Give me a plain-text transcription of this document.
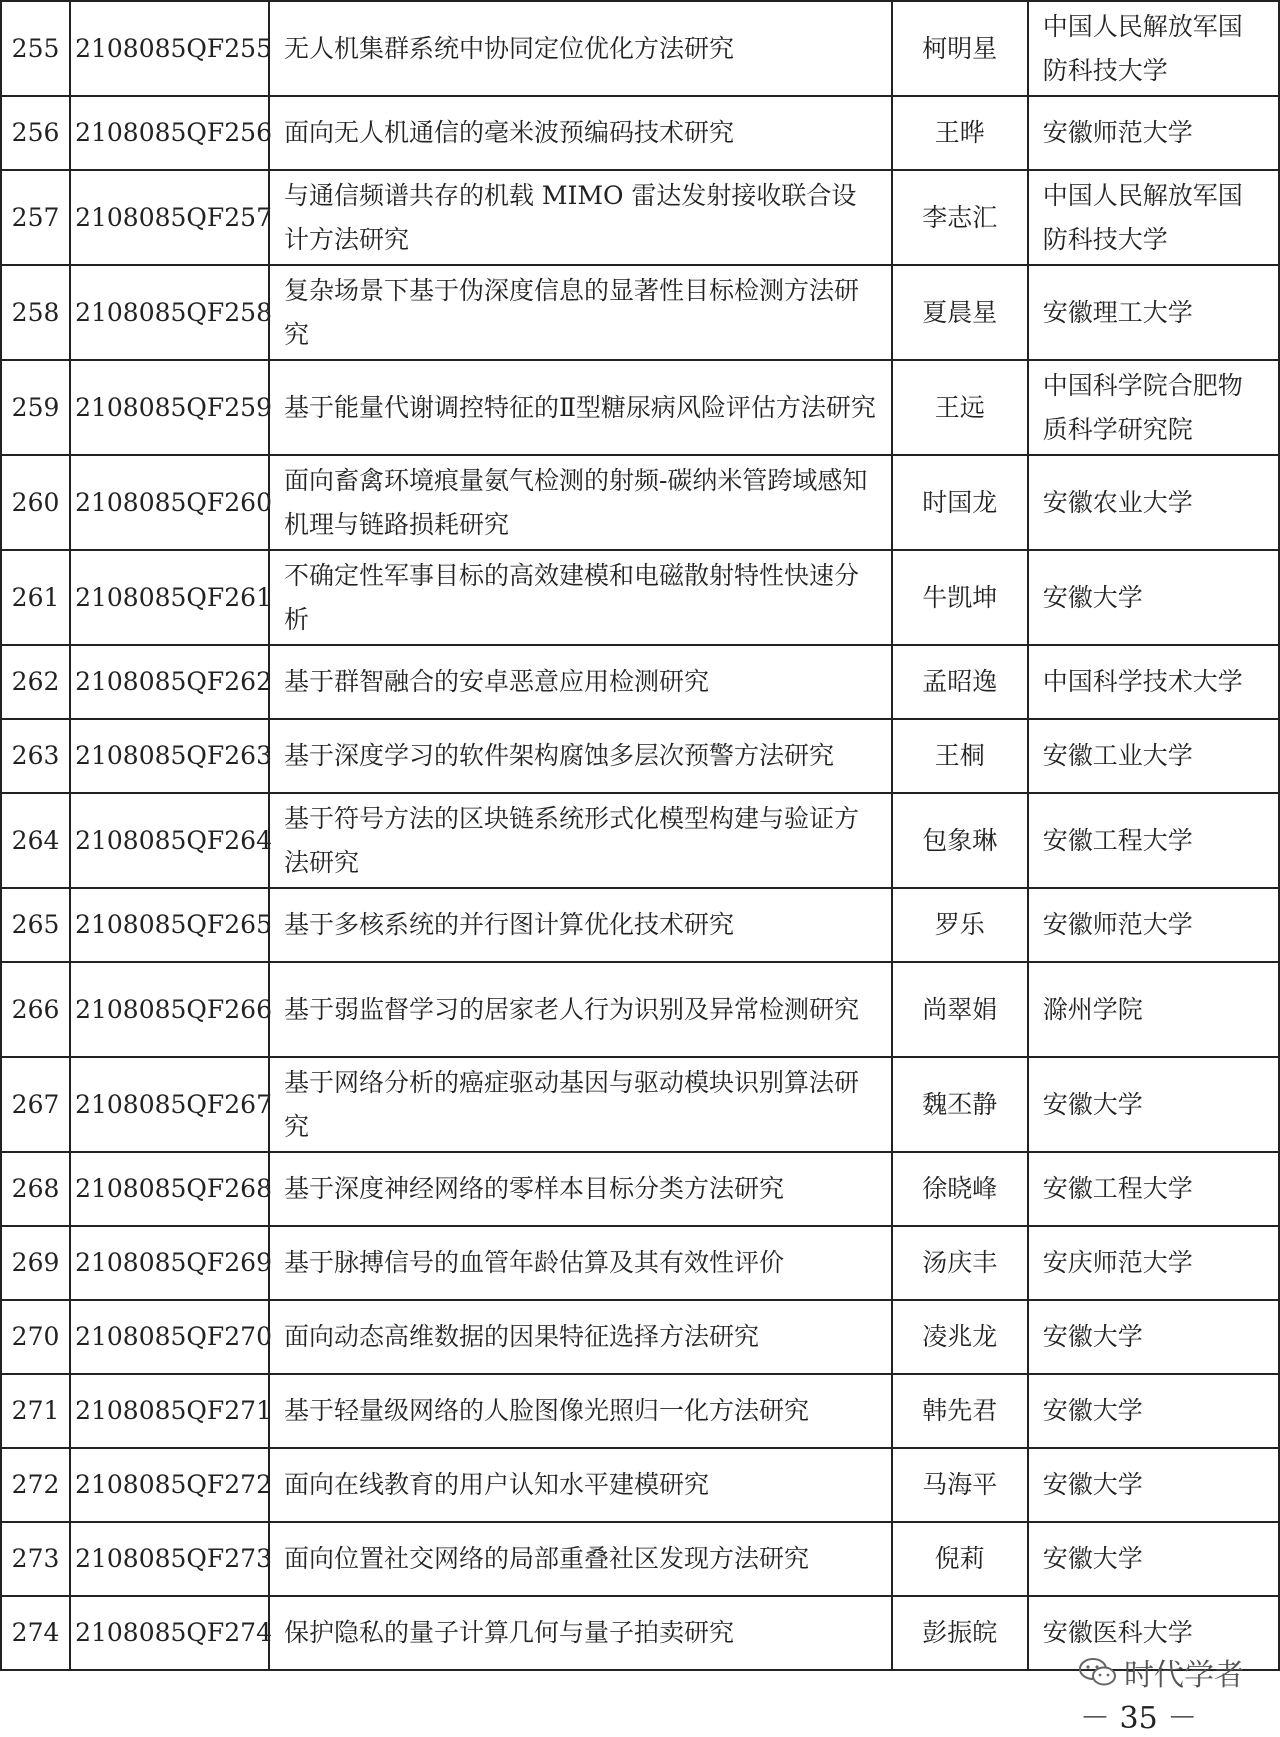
255	2108085QF255	无人机集群系统中协同定位优化方法研究	柯明星	中国人民解放军国防科技大学
256	2108085QF256	面向无人机通信的毫米波预编码技术研究	王晔	安徽师范大学
257	2108085QF257	与通信频谱共存的机载 MIMO 雷达发射接收联合设计方法研究	李志汇	中国人民解放军国防科技大学
258	2108085QF258	复杂场景下基于伪深度信息的显著性目标检测方法研究	夏晨星	安徽理工大学
259	2108085QF259	基于能量代谢调控特征的Ⅱ型糖尿病风险评估方法研究	王远	中国科学院合肥物质科学研究院
260	2108085QF260	面向畜禽环境痕量氨气检测的射频-碳纳米管跨域感知机理与链路损耗研究	时国龙	安徽农业大学
261	2108085QF261	不确定性军事目标的高效建模和电磁散射特性快速分析	牛凯坤	安徽大学
262	2108085QF262	基于群智融合的安卓恶意应用检测研究	孟昭逸	中国科学技术大学
263	2108085QF263	基于深度学习的软件架构腐蚀多层次预警方法研究	王桐	安徽工业大学
264	2108085QF264	基于符号方法的区块链系统形式化模型构建与验证方法研究	包象琳	安徽工程大学
265	2108085QF265	基于多核系统的并行图计算优化技术研究	罗乐	安徽师范大学
266	2108085QF266	基于弱监督学习的居家老人行为识别及异常检测研究	尚翠娟	滁州学院
267	2108085QF267	基于网络分析的癌症驱动基因与驱动模块识别算法研究	魏丕静	安徽大学
268	2108085QF268	基于深度神经网络的零样本目标分类方法研究	徐晓峰	安徽工程大学
269	2108085QF269	基于脉搏信号的血管年龄估算及其有效性评价	汤庆丰	安庆师范大学
270	2108085QF270	面向动态高维数据的因果特征选择方法研究	凌兆龙	安徽大学
271	2108085QF271	基于轻量级网络的人脸图像光照归一化方法研究	韩先君	安徽大学
272	2108085QF272	面向在线教育的用户认知水平建模研究	马海平	安徽大学
273	2108085QF273	面向位置社交网络的局部重叠社区发现方法研究	倪莉	安徽大学
274	2108085QF274	保护隐私的量子计算几何与量子拍卖研究	彭振皖	安徽医科大学
时代学者
－ 35 －
